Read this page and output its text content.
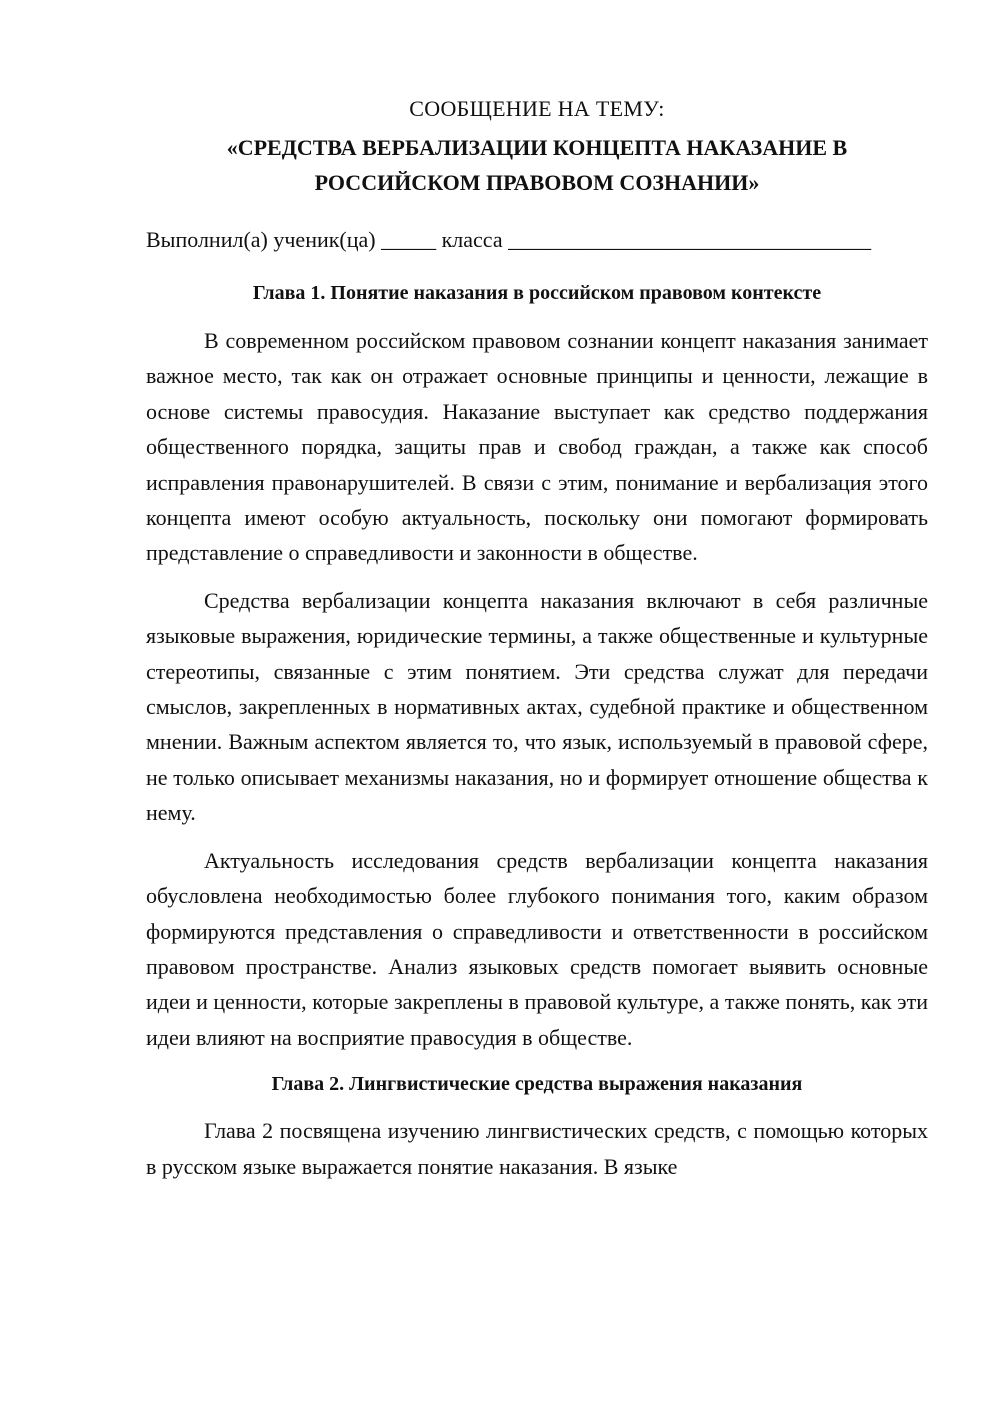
СООБЩЕНИЕ НА ТЕМУ:

«СРЕДСТВА ВЕРБАЛИЗАЦИИ КОНЦЕПТА НАКАЗАНИЕ В РОССИЙСКОМ ПРАВОВОМ СОЗНАНИИ»

Выполнил(а) ученик(ца) _____ класса _________________________________

Глава 1. Понятие наказания в российском правовом контексте

В современном российском правовом сознании концепт наказания занимает важное место, так как он отражает основные принципы и ценности, лежащие в основе системы правосудия. Наказание выступает как средство поддержания общественного порядка, защиты прав и свобод граждан, а также как способ исправления правонарушителей. В связи с этим, понимание и вербализация этого концепта имеют особую актуальность, поскольку они помогают формировать представление о справедливости и законности в обществе.

Средства вербализации концепта наказания включают в себя различные языковые выражения, юридические термины, а также общественные и культурные стереотипы, связанные с этим понятием. Эти средства служат для передачи смыслов, закрепленных в нормативных актах, судебной практике и общественном мнении. Важным аспектом является то, что язык, используемый в правовой сфере, не только описывает механизмы наказания, но и формирует отношение общества к нему.

Актуальность исследования средств вербализации концепта наказания обусловлена необходимостью более глубокого понимания того, каким образом формируются представления о справедливости и ответственности в российском правовом пространстве. Анализ языковых средств помогает выявить основные идеи и ценности, которые закреплены в правовой культуре, а также понять, как эти идеи влияют на восприятие правосудия в обществе.

Глава 2. Лингвистические средства выражения наказания

Глава 2 посвящена изучению лингвистических средств, с помощью которых в русском языке выражается понятие наказания. В языке
